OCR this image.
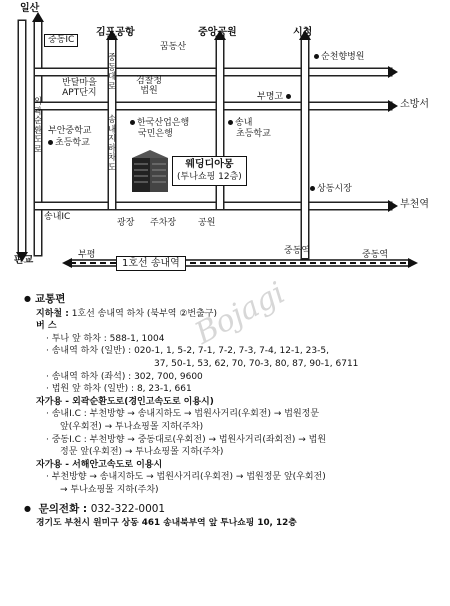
일산
김포공항	중앙공원	시청
중동IC
꿈동산
순천향병원
반달마을
APT단지
검찰청
법원
부명고
소방서
외곽순환도로
중동대로
송내지하차도
부안중학교
초등학교
한국산업은행
국민은행
송내
초등학교
웨딩디아몽
(투나쇼핑 12층)
상동시장
부천역
송내IC
광장 주차장 공원
중동역
판교	부평
1호선 송내역
중동역
Bojagi
● 교통편
지하철 : 1호선 송내역 하차 (북부역 ②번출구)
버 스
· 투나 앞 하차 : 588-1, 1004
· 송내역 하차 (일반) : 020-1, 1, 5-2, 7-1, 7-2, 7-3, 7-4, 12-1, 23-5,
37, 50-1, 53, 62, 70, 70-3, 80, 87, 90-1, 6711
· 송내역 하차 (좌석) : 302, 700, 9600
· 법원 앞 하차 (일반) : 8, 23-1, 661
자가용 - 외곽순환도로(경인고속도로 이용시)
· 송내I.C : 부천방향 → 송내지하도 → 법원사거리(우회전) → 법원정문
앞(우회전) → 투나쇼핑몰 지하(주차)
· 중동I.C : 부천방향 → 중동대로(우회전) → 법원사거리(좌회전) → 법원
정문 앞(우회전) → 투나쇼핑몰 지하(주차)
자가용 - 서해안고속도로 이용시
· 부천방향 → 송내지하도 → 법원사거리(우회전) → 법원정문 앞(우회전)
→ 투나쇼핑몰 지하(주차)
● 문의전화 : 032-322-0001
경기도 부천시 원미구 상동 461 송내북부역 앞 투나쇼핑 10, 12층
